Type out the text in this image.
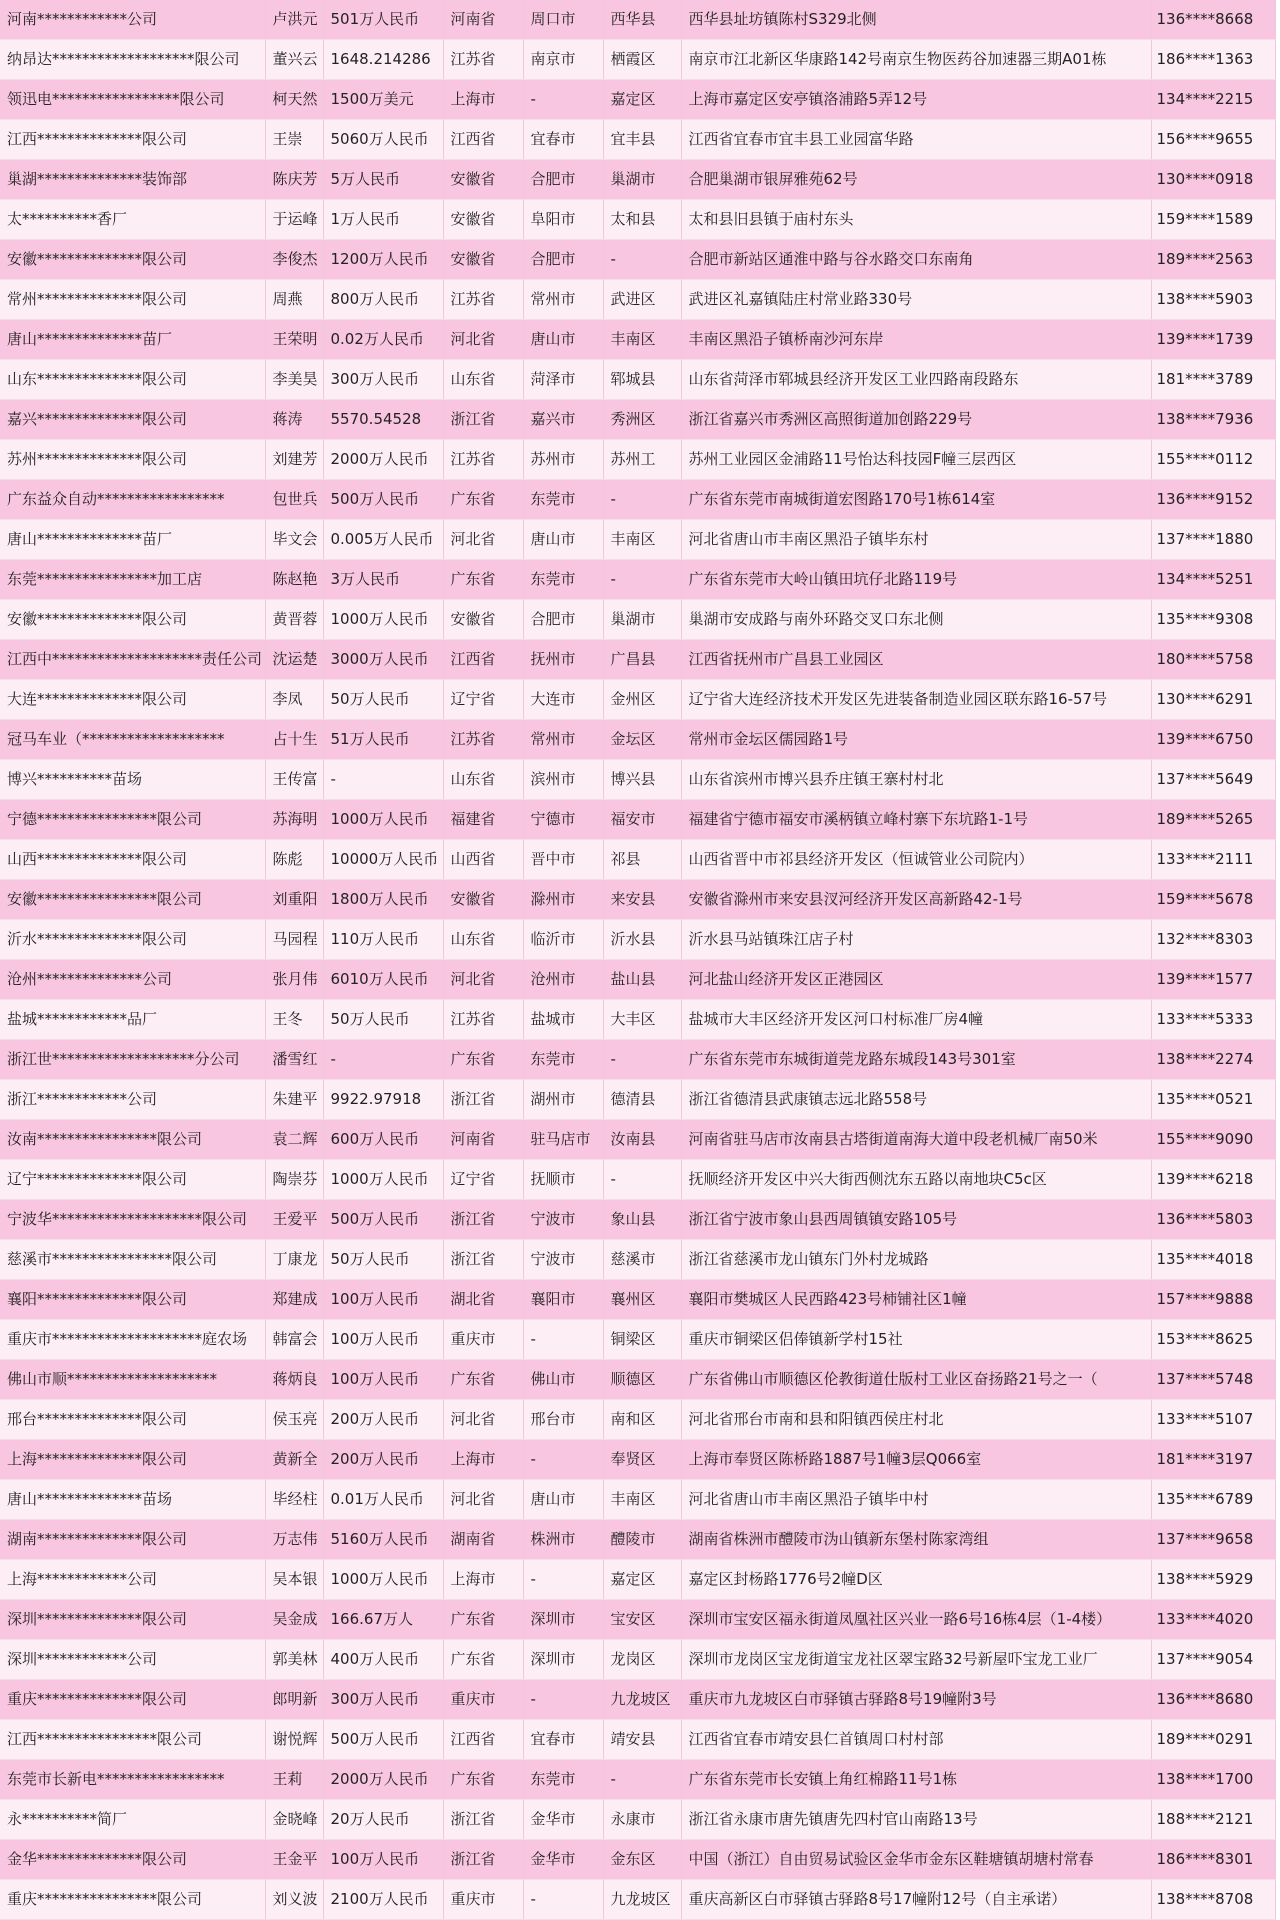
河南************公司	卢洪元	501万人民币	河南省	周口市	西华县	西华县址坊镇陈村S329北侧	136****8668
纳昂达*******************限公司	董兴云	1648.214286	江苏省	南京市	栖霞区	南京市江北新区华康路142号南京生物医药谷加速器三期A01栋	186****1363
领迅电*****************限公司	柯天然	1500万美元	上海市	-	嘉定区	上海市嘉定区安亭镇洛浦路5弄12号	134****2215
江西**************限公司	王崇	5060万人民币	江西省	宜春市	宜丰县	江西省宜春市宜丰县工业园富华路	156****9655
巢湖**************装饰部	陈庆芳	5万人民币	安徽省	合肥市	巢湖市	合肥巢湖市银屏雅苑62号	130****0918
太**********香厂	于运峰	1万人民币	安徽省	阜阳市	太和县	太和县旧县镇于庙村东头	159****1589
安徽**************限公司	李俊杰	1200万人民币	安徽省	合肥市	-	合肥市新站区通淮中路与谷水路交口东南角	189****2563
常州**************限公司	周燕	800万人民币	江苏省	常州市	武进区	武进区礼嘉镇陆庄村常业路330号	138****5903
唐山**************苗厂	王荣明	0.02万人民币	河北省	唐山市	丰南区	丰南区黑沿子镇桥南沙河东岸	139****1739
山东**************限公司	李美昊	300万人民币	山东省	菏泽市	郓城县	山东省菏泽市郓城县经济开发区工业四路南段路东	181****3789
嘉兴**************限公司	蒋涛	5570.54528	浙江省	嘉兴市	秀洲区	浙江省嘉兴市秀洲区高照街道加创路229号	138****7936
苏州**************限公司	刘建芳	2000万人民币	江苏省	苏州市	苏州工	苏州工业园区金浦路11号怡达科技园F幢三层西区	155****0112
广东益众自动*****************	包世兵	500万人民币	广东省	东莞市	-	广东省东莞市南城街道宏图路170号1栋614室	136****9152
唐山**************苗厂	毕文会	0.005万人民币	河北省	唐山市	丰南区	河北省唐山市丰南区黑沿子镇毕东村	137****1880
东莞****************加工店	陈赵艳	3万人民币	广东省	东莞市	-	广东省东莞市大岭山镇田坑仔北路119号	134****5251
安徽**************限公司	黄晋蓉	1000万人民币	安徽省	合肥市	巢湖市	巢湖市安成路与南外环路交叉口东北侧	135****9308
江西中********************责任公司	沈运楚	3000万人民币	江西省	抚州市	广昌县	江西省抚州市广昌县工业园区	180****5758
大连**************限公司	李凤	50万人民币	辽宁省	大连市	金州区	辽宁省大连经济技术开发区先进装备制造业园区联东路16-57号	130****6291
冠马车业（*******************	占十生	51万人民币	江苏省	常州市	金坛区	常州市金坛区儒园路1号	139****6750
博兴**********苗场	王传富	-	山东省	滨州市	博兴县	山东省滨州市博兴县乔庄镇王寨村村北	137****5649
宁德****************限公司	苏海明	1000万人民币	福建省	宁德市	福安市	福建省宁德市福安市溪柄镇立峰村寨下东坑路1-1号	189****5265
山西**************限公司	陈彪	10000万人民币	山西省	晋中市	祁县	山西省晋中市祁县经济开发区（恒诚管业公司院内）	133****2111
安徽****************限公司	刘重阳	1800万人民币	安徽省	滁州市	来安县	安徽省滁州市来安县汊河经济开发区高新路42-1号	159****5678
沂水**************限公司	马园程	110万人民币	山东省	临沂市	沂水县	沂水县马站镇珠江店子村	132****8303
沧州**************公司	张月伟	6010万人民币	河北省	沧州市	盐山县	河北盐山经济开发区正港园区	139****1577
盐城************品厂	王冬	50万人民币	江苏省	盐城市	大丰区	盐城市大丰区经济开发区河口村标准厂房4幢	133****5333
浙江世*******************分公司	潘雪红	-	广东省	东莞市	-	广东省东莞市东城街道莞龙路东城段143号301室	138****2274
浙江************公司	朱建平	9922.97918	浙江省	湖州市	德清县	浙江省德清县武康镇志远北路558号	135****0521
汝南****************限公司	袁二辉	600万人民币	河南省	驻马店市	汝南县	河南省驻马店市汝南县古塔街道南海大道中段老机械厂南50米	155****9090
辽宁**************限公司	陶崇芬	1000万人民币	辽宁省	抚顺市	-	抚顺经济开发区中兴大街西侧沈东五路以南地块C5c区	139****6218
宁波华********************限公司	王爱平	500万人民币	浙江省	宁波市	象山县	浙江省宁波市象山县西周镇镇安路105号	136****5803
慈溪市****************限公司	丁康龙	50万人民币	浙江省	宁波市	慈溪市	浙江省慈溪市龙山镇东门外村龙城路	135****4018
襄阳**************限公司	郑建成	100万人民币	湖北省	襄阳市	襄州区	襄阳市樊城区人民西路423号柿铺社区1幢	157****9888
重庆市********************庭农场	韩富会	100万人民币	重庆市	-	铜梁区	重庆市铜梁区侣俸镇新学村15社	153****8625
佛山市顺********************	蒋炳良	100万人民币	广东省	佛山市	顺德区	广东省佛山市顺德区伦教街道仕版村工业区奋扬路21号之一（	137****5748
邢台**************限公司	侯玉亮	200万人民币	河北省	邢台市	南和区	河北省邢台市南和县和阳镇西侯庄村北	133****5107
上海**************限公司	黄新全	200万人民币	上海市	-	奉贤区	上海市奉贤区陈桥路1887号1幢3层Q066室	181****3197
唐山**************苗场	毕经柱	0.01万人民币	河北省	唐山市	丰南区	河北省唐山市丰南区黑沿子镇毕中村	135****6789
湖南**************限公司	万志伟	5160万人民币	湖南省	株洲市	醴陵市	湖南省株洲市醴陵市沩山镇新东堡村陈家湾组	137****9658
上海************公司	吴本银	1000万人民币	上海市	-	嘉定区	嘉定区封杨路1776号2幢D区	138****5929
深圳**************限公司	吴金成	166.67万人	广东省	深圳市	宝安区	深圳市宝安区福永街道凤凰社区兴业一路6号16栋4层（1-4楼）	133****4020
深圳************公司	郭美林	400万人民币	广东省	深圳市	龙岗区	深圳市龙岗区宝龙街道宝龙社区翠宝路32号新屋吓宝龙工业厂	137****9054
重庆**************限公司	郎明新	300万人民币	重庆市	-	九龙坡区	重庆市九龙坡区白市驿镇古驿路8号19幢附3号	136****8680
江西****************限公司	谢悦辉	500万人民币	江西省	宜春市	靖安县	江西省宜春市靖安县仁首镇周口村村部	189****0291
东莞市长新电*****************	王莉	2000万人民币	广东省	东莞市	-	广东省东莞市长安镇上角红棉路11号1栋	138****1700
永**********简厂	金晓峰	20万人民币	浙江省	金华市	永康市	浙江省永康市唐先镇唐先四村官山南路13号	188****2121
金华**************限公司	王金平	100万人民币	浙江省	金华市	金东区	中国（浙江）自由贸易试验区金华市金东区鞋塘镇胡塘村常春	186****8301
重庆****************限公司	刘义波	2100万人民币	重庆市	-	九龙坡区	重庆高新区白市驿镇古驿路8号17幢附12号（自主承诺）	138****8708
